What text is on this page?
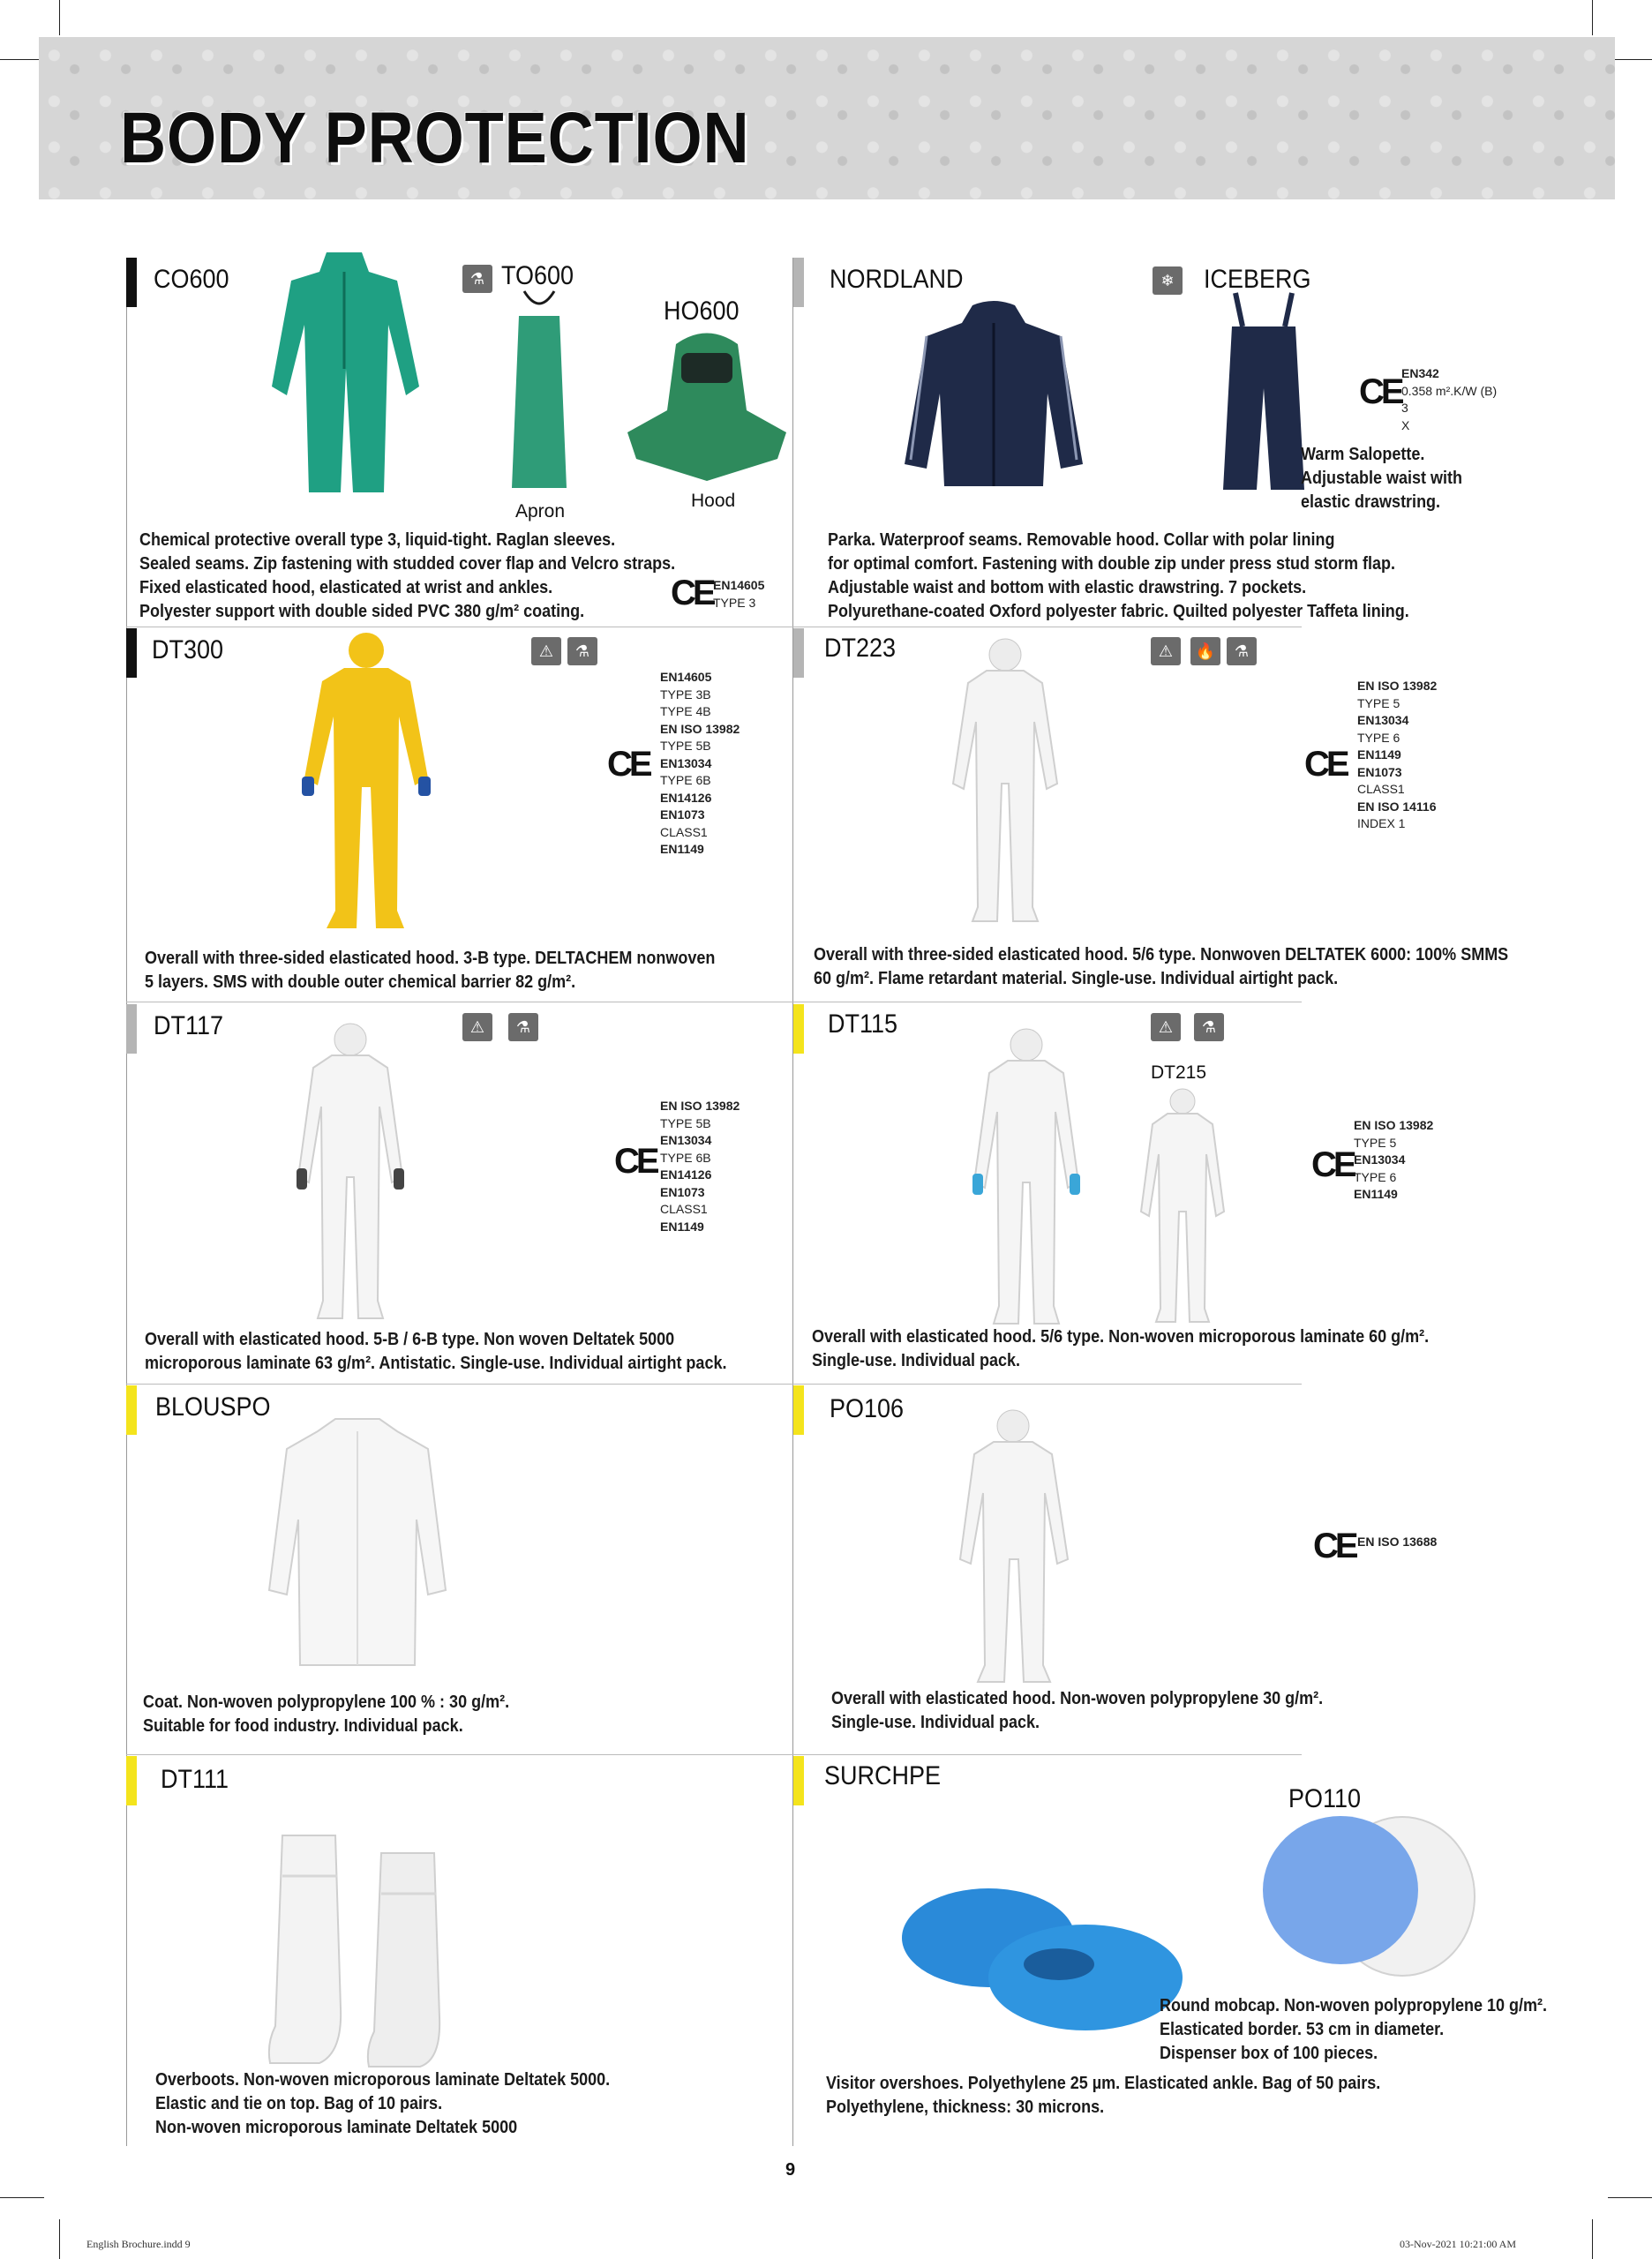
BODY PROTECTION
CO600	⚗ TO600
Apron
HO600
Hood
Chemical protective overall type 3, liquid-tight. Raglan sleeves.
Sealed seams. Zip fastening with studded cover flap and Velcro straps.
Fixed elasticated hood, elasticated at wrist and ankles.
Polyester support with double sided PVC 380 g/m² coating.	CE EN14605
TYPE 3
NORDLAND	❄	ICEBERG
CE EN342
0.358 m².K/W (B)
3
X
Warm Salopette.
Adjustable waist with
elastic drawstring.
Parka. Waterproof seams. Removable hood. Collar with polar lining
for optimal comfort. Fastening with double zip under press stud storm flap.
Adjustable waist and bottom with elastic drawstring. 7 pockets.
Polyurethane-coated Oxford polyester fabric. Quilted polyester Taffeta lining.
DT300	⚠	⚗
CE
EN14605
TYPE 3B
TYPE 4B
EN ISO 13982
TYPE 5B
EN13034
TYPE 6B
EN14126
EN1073
CLASS1
EN1149
Overall with three-sided elasticated hood. 3-B type. DELTACHEM nonwoven
5 layers. SMS with double outer chemical barrier 82 g/m².
DT223	⚠	🔥	⚗
CE
EN ISO 13982
TYPE 5
EN13034
TYPE 6
EN1149
EN1073
CLASS1
EN ISO 14116
INDEX 1
Overall with three-sided elasticated hood. 5/6 type. Nonwoven DELTATEK 6000: 100% SMMS
60 g/m². Flame retardant material. Single-use. Individual airtight pack.
DT117	⚠	⚗
CE
EN ISO 13982
TYPE 5B
EN13034
TYPE 6B
EN14126
EN1073
CLASS1
EN1149
Overall with elasticated hood. 5-B / 6-B type. Non woven Deltatek 5000
microporous laminate 63 g/m². Antistatic. Single-use. Individual airtight pack.
DT115	⚠	⚗
DT215
CE
EN ISO 13982
TYPE 5
EN13034
TYPE 6
EN1149
Overall with elasticated hood. 5/6 type. Non-woven microporous laminate 60 g/m².
Single-use. Individual pack.
BLOUSPO
Coat. Non-woven polypropylene 100 % : 30 g/m².
Suitable for food industry. Individual pack.
PO106
CE EN ISO 13688
Overall with elasticated hood. Non-woven polypropylene 30 g/m².
Single-use. Individual pack.
DT111
Overboots. Non-woven microporous laminate Deltatek 5000.
Elastic and tie on top. Bag of 10 pairs.
Non-woven microporous laminate Deltatek 5000
SURCHPE
PO110
Round mobcap. Non-woven polypropylene 10 g/m².
Elasticated border. 53 cm in diameter.
Dispenser box of 100 pieces.
Visitor overshoes. Polyethylene 25 µm. Elasticated ankle. Bag of 50 pairs.
Polyethylene, thickness: 30 microns.
9
English Brochure.indd 9	03-Nov-2021 10:21:00 AM
